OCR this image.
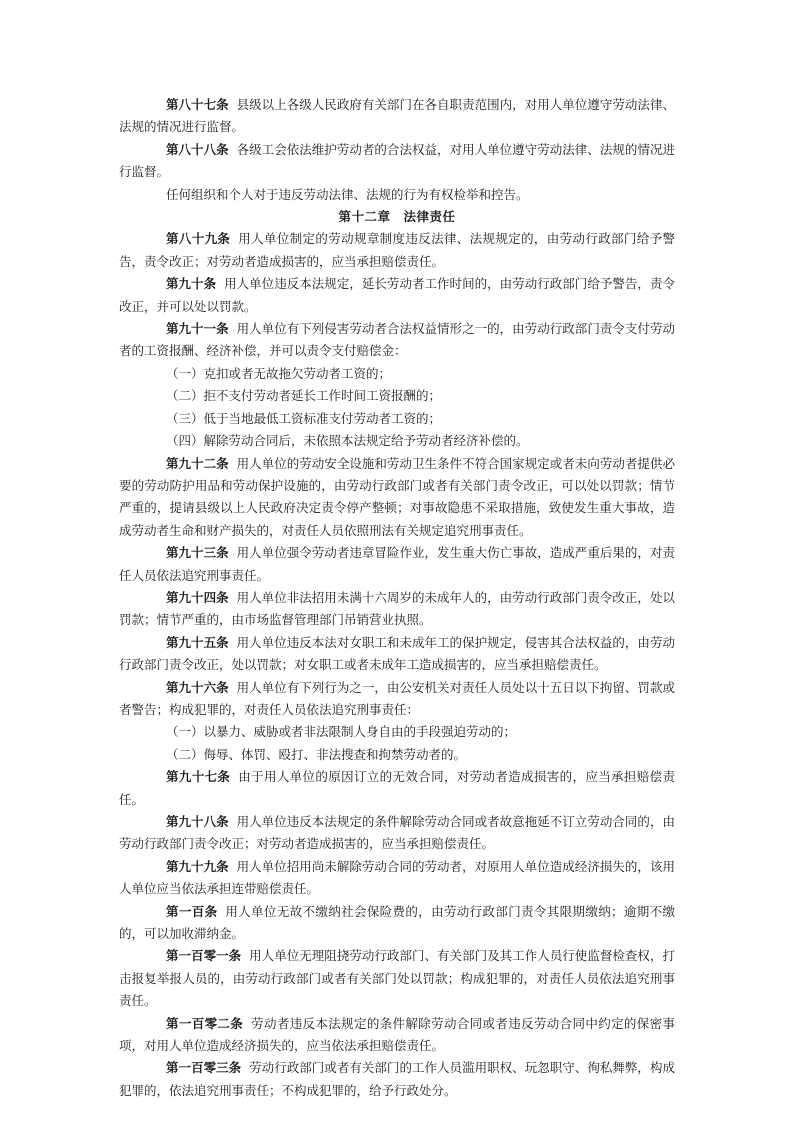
第八十七条 县级以上各级人民政府有关部门在各自职责范围内，对用人单位遵守劳动法律、法规的情况进行监督。

第八十八条 各级工会依法维护劳动者的合法权益，对用人单位遵守劳动法律、法规的情况进行监督。

任何组织和个人对于违反劳动法律、法规的行为有权检举和控告。

第十二章　法律责任

第八十九条 用人单位制定的劳动规章制度违反法律、法规规定的，由劳动行政部门给予警告，责令改正；对劳动者造成损害的，应当承担赔偿责任。

第九十条 用人单位违反本法规定，延长劳动者工作时间的，由劳动行政部门给予警告，责令改正，并可以处以罚款。

第九十一条 用人单位有下列侵害劳动者合法权益情形之一的，由劳动行政部门责令支付劳动者的工资报酬、经济补偿，并可以责令支付赔偿金：

（一）克扣或者无故拖欠劳动者工资的；

（二）拒不支付劳动者延长工作时间工资报酬的；

（三）低于当地最低工资标准支付劳动者工资的；

（四）解除劳动合同后，未依照本法规定给予劳动者经济补偿的。

第九十二条 用人单位的劳动安全设施和劳动卫生条件不符合国家规定或者未向劳动者提供必要的劳动防护用品和劳动保护设施的，由劳动行政部门或者有关部门责令改正，可以处以罚款；情节严重的，提请县级以上人民政府决定责令停产整顿；对事故隐患不采取措施，致使发生重大事故，造成劳动者生命和财产损失的，对责任人员依照刑法有关规定追究刑事责任。

第九十三条 用人单位强令劳动者违章冒险作业，发生重大伤亡事故，造成严重后果的，对责任人员依法追究刑事责任。

第九十四条 用人单位非法招用未满十六周岁的未成年人的，由劳动行政部门责令改正，处以罚款；情节严重的，由市场监督管理部门吊销营业执照。

第九十五条 用人单位违反本法对女职工和未成年工的保护规定，侵害其合法权益的，由劳动行政部门责令改正，处以罚款；对女职工或者未成年工造成损害的，应当承担赔偿责任。

第九十六条 用人单位有下列行为之一，由公安机关对责任人员处以十五日以下拘留、罚款或者警告；构成犯罪的，对责任人员依法追究刑事责任：

（一）以暴力、威胁或者非法限制人身自由的手段强迫劳动的；

（二）侮辱、体罚、殴打、非法搜查和拘禁劳动者的。

第九十七条 由于用人单位的原因订立的无效合同，对劳动者造成损害的，应当承担赔偿责任。

第九十八条 用人单位违反本法规定的条件解除劳动合同或者故意拖延不订立劳动合同的，由劳动行政部门责令改正；对劳动者造成损害的，应当承担赔偿责任。

第九十九条 用人单位招用尚未解除劳动合同的劳动者，对原用人单位造成经济损失的，该用人单位应当依法承担连带赔偿责任。

第一百条 用人单位无故不缴纳社会保险费的，由劳动行政部门责令其限期缴纳；逾期不缴的，可以加收滞纳金。

第一百零一条 用人单位无理阻挠劳动行政部门、有关部门及其工作人员行使监督检查权，打击报复举报人员的，由劳动行政部门或者有关部门处以罚款；构成犯罪的，对责任人员依法追究刑事责任。

第一百零二条 劳动者违反本法规定的条件解除劳动合同或者违反劳动合同中约定的保密事项，对用人单位造成经济损失的，应当依法承担赔偿责任。

第一百零三条 劳动行政部门或者有关部门的工作人员滥用职权、玩忽职守、徇私舞弊，构成犯罪的，依法追究刑事责任；不构成犯罪的，给予行政处分。
